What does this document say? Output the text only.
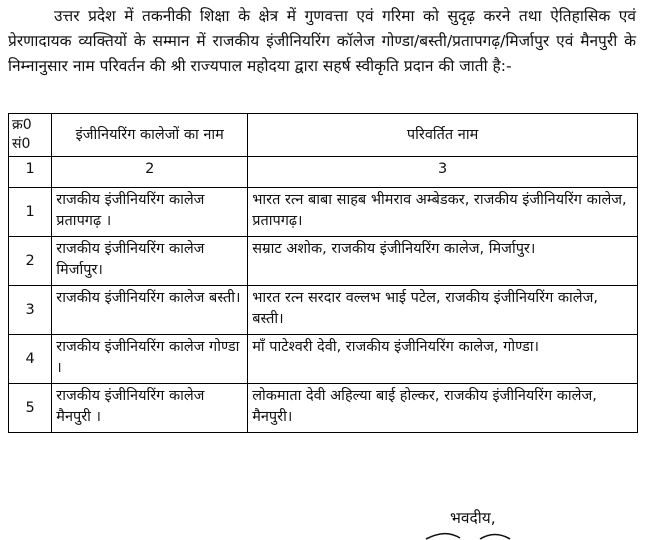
उत्तर प्रदेश में तकनीकी शिक्षा के क्षेत्र में गुणवत्ता एवं गरिमा को सुदृढ़ करने तथा ऐतिहासिक एवं प्रेरणादायक व्यक्तियों के सम्मान में राजकीय इंजीनियरिंग कॉलेज गोण्डा/बस्ती/प्रतापगढ़/मिर्जापुर एवं मैनपुरी के निम्नानुसार नाम परिवर्तन की श्री राज्यपाल महोदया द्वारा सहर्ष स्वीकृति प्रदान की जाती है:-

क्र0 सं0	इंजीनियरिंग कालेजों का नाम	परिवर्तित नाम
1	2	3
1	राजकीय इंजीनियरिंग कालेज प्रतापगढ़ ।	भारत रत्न बाबा साहब भीमराव अम्बेडकर, राजकीय इंजीनियरिंग कालेज, प्रतापगढ़।
2	राजकीय इंजीनियरिंग कालेज मिर्जापुर।	सम्राट अशोक, राजकीय इंजीनियरिंग कालेज, मिर्जापुर।
3	राजकीय इंजीनियरिंग कालेज बस्ती।	भारत रत्न सरदार वल्लभ भाई पटेल, राजकीय इंजीनियरिंग कालेज, बस्ती।
4	राजकीय इंजीनियरिंग कालेज गोण्डा ।	माँ पाटेश्वरी देवी, राजकीय इंजीनियरिंग कालेज, गोण्डा।
5	राजकीय इंजीनियरिंग कालेज मैनपुरी ।	लोकमाता देवी अहिल्या बाई होल्कर, राजकीय इंजीनियरिंग कालेज, मैनपुरी।
भवदीय,
